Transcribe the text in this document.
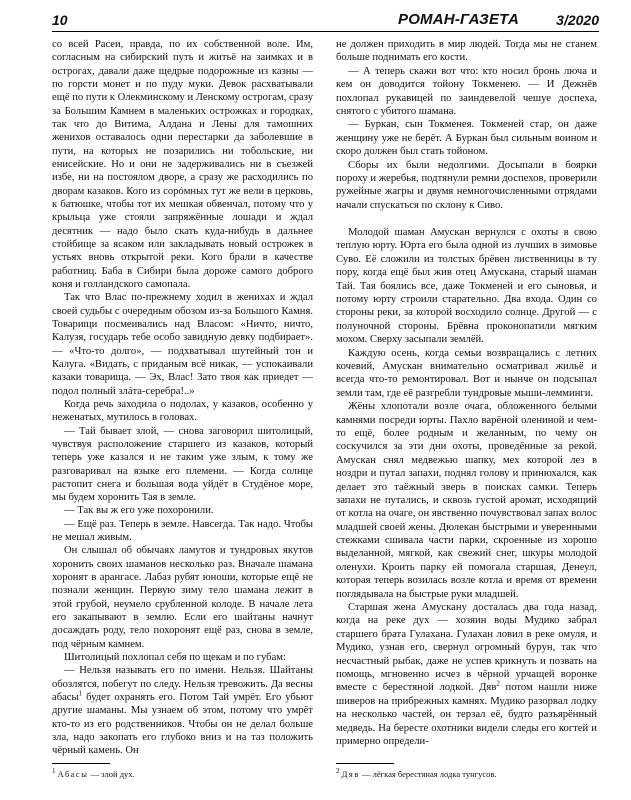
10	РОМАН-ГАЗЕТА	3/2020

со всей Расеи, правда, по их собственной воле. Им, согласным на сибирский путь и житьё на заимках и в острогах, давали даже щедрые подорожные из казны — по горсти монет и по пуду муки. Девок расхватывали ещё по пути к Олекминскому и Ленскому острогам, сразу за Большим Камнем в маленьких острожках и городках, так что до Витима, Алдана и Лены для тамошних женихов оставалось одни перестарки да заболевшие в пути, на которых не позарились ни тобольские, ни енисейские. Но и они не задерживались ни в съезжей избе, ни на постоялом дворе, а сразу же расходились по дворам казаков. Кого из сорóмных тут же вели в церковь, к батюшке, чтобы тот их мешкая обвенчал, потому что у крыльца уже стояли запряжённые лошади и ждал десятник — надо было скать куда-нибудь в дальнее стойбище за ясаком или закладывать новый острожек в устьях вновь открытой реки. Кого брали в качестве работниц. Баба в Сибири была дороже самого доброго коня и голландского самопала.

Так что Влас по-прежнему ходил в женихах и ждал своей судьбы с очередным обозом из-за Большого Камня. Товарищи посмеивались над Власом: «Ничто, ничто, Калузя, государь тебе особо завидную девку подбирает». — «Что-то долго», — подхватывал шутейный тон и Калуга. «Видать, с приданым всё никак, — успокаивали казаки товарища. — Эх, Влас! Зато твоя как приедет — подол полный злáта-серебра!..»

Когда речь заходила о подолах, у казаков, особенно у неженатых, мутилось в головах.

— Тай бывает злой, — снова заговорил шитолицый, чувствуя расположение старшего из казаков, который теперь уже казался и не таким уже злым, к тому же разговаривал на языке его племени. — Когда солнце растопит снега и большая вода уйдёт в Студёное море, мы будем хоронить Тая в земле.

— Так вы ж его уже похоронили.

— Ещё раз. Теперь в земле. Навсегда. Так надо. Чтобы не мешал живым.

Он слышал об обычаях ламутов и тундровых якутов хоронить своих шаманов несколько раз. Вначале шамана хоронят в арангасе. Лабаз рубят юноши, которые ещё не познали женщин. Первую зиму тело шамана лежит в этой грубой, неумело срубленной колоде. В начале лета его закапывают в землю. Если его шайтаны начнут досаждать роду, тело похоронят ещё раз, снова в земле, под чёрным камнем.

Шитолицый похлопал себя по щекам и по губам:

— Нельзя называть его по имени. Нельзя. Шайтаны обозлятся, побегут по следу. Нельзя тревожить. Да весны абасы$^1$ будет охранять его. Потом Тай умрёт. Его убьют другие шаманы. Мы узнаем об этом, потому что умрёт кто-то из его родственников. Чтобы он не делал больше зла, надо закопать его глубоко вниз и на таз положить чёрный камень. Он

не должен приходить в мир людей. Тогда мы не станем больше поднимать его кости.

— А теперь скажи вот что: кто носил бронь люча и кем он доводится тойону Токменею. — И Дежнёв похлопал рукавицей по заиндевелой чешуе доспеха, снятого с убитого шамана.

— Буркан, сын Токменея. Токменей стар, он даже женщину уже не берёт. А Буркан был сильным воином и скоро должен был стать тойоном.

Сборы их были недолгими. Досыпали в боярки пороху и жеребья, подтянули ремни доспехов, проверили ружейные жагры и двумя немногочисленными отрядами начали спускаться по склону к Сиво.

Молодой шаман Амускан вернулся с охоты в свою теплую юрту. Юрта его была одной из лучших в зимовье Суво. Её сложили из толстых брёвен лиственницы в ту пору, когда ещё был жив отец Амускана, старый шаман Тай. Тая боялись все, даже Токменей и его сыновья, и потому юрту строили старательно. Два входа. Один со стороны реки, за которой восходило солнце. Другой — с полуночной стороны. Брёвна проконопатили мягким мохом. Сверху засыпали землёй.

Каждую осень, когда семьи возвращались с летних кочевий, Амускан внимательно осматривал жильё и всегда что-то ремонтировал. Вот и нынче он подсыпал земли там, где её разгребли тундровые мыши-лемминги.

Жёны хлопотали возле очага, обложенного белыми камнями посреди юрты. Пахло варёной олениной и чем-то ещё, более родным и желанным, по чему он соскучился за эти дни охоты, проведённые за рекой. Амускан снял медвежью шапку, мех которой лез в ноздри и путал запахи, поднял голову и принюхался, как делает это таёжный зверь в поисках самки. Теперь запахи не путались, и сквозь густой аромат, исходящий от котла на очаге, он явственно почувствовал запах волос младшей своей жены. Дюлекан быстрыми и уверенными стежками сшивала части парки, скроенные из хорошо выделанной, мягкой, как свежий снег, шкуры молодой оленухи. Кроить парку ей помогала старшая, Денеул, которая теперь возилась возле котла и время от времени поглядывала на быстрые руки младшей.

Старшая жена Амускану досталась два года назад, когда на реке дух — хозяин воды Мудико забрал старшего брата Гулахана. Гулахан ловил в реке омуля, и Мудико, узнав его, свернул огромный бурун, так что несчастный рыбак, даже не успев крикнуть и позвать на помощь, мгновенно исчез в чёрной урчащей воронке вместе с берестяной лодкой. Дяв$^2$ потом нашли ниже шиверов на прибрежных камнях. Мудико разорвал лодку на несколько частей, он терзал её, будто разъярённый медведь. На бересте охотники видели следы его когтей и примерно определи-

$^1$ Абасы — злой дух.	$^2$ Дяв — лёгкая берестяная лодка тунгусов.
